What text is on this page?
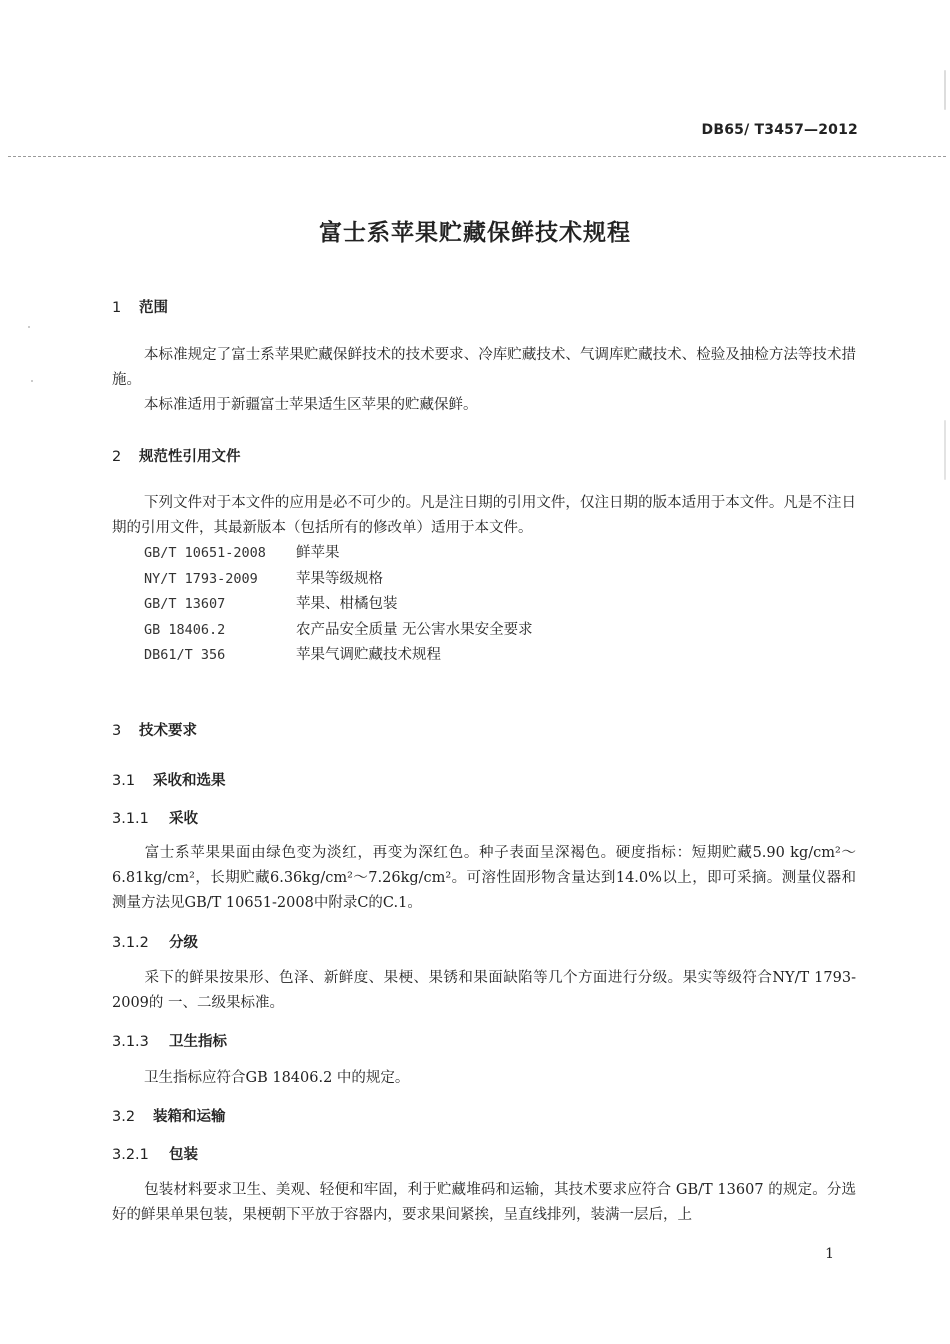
DB65/ T3457—2012
富士系苹果贮藏保鲜技术规程
1 范围
本标准规定了富士系苹果贮藏保鲜技术的技术要求、冷库贮藏技术、气调库贮藏技术、检验及抽检方法等技术措施。
本标准适用于新疆富士苹果适生区苹果的贮藏保鲜。
2 规范性引用文件
下列文件对于本文件的应用是必不可少的。凡是注日期的引用文件，仅注日期的版本适用于本文件。凡是不注日期的引用文件，其最新版本（包括所有的修改单）适用于本文件。
GB/T 10651-2008 鲜苹果
NY/T 1793-2009	苹果等级规格
GB/T 13607	苹果、柑橘包装
GB 18406.2	农产品安全质量 无公害水果安全要求
DB61/T 356	苹果气调贮藏技术规程
3 技术要求
3.1 采收和选果
3.1.1 采收
富士系苹果果面由绿色变为淡红，再变为深红色。种子表面呈深褐色。硬度指标：短期贮藏5.90 kg/cm²～6.81kg/cm²，长期贮藏6.36kg/cm²～7.26kg/cm²。可溶性固形物含量达到14.0%以上，即可采摘。测量仪器和测量方法见GB/T 10651-2008中附录C的C.1。
3.1.2 分级
采下的鲜果按果形、色泽、新鲜度、果梗、果锈和果面缺陷等几个方面进行分级。果实等级符合NY/T 1793-2009的 一、二级果标准。
3.1.3 卫生指标
卫生指标应符合GB 18406.2 中的规定。
3.2 装箱和运输
3.2.1 包装
包装材料要求卫生、美观、轻便和牢固，利于贮藏堆码和运输，其技术要求应符合 GB/T 13607 的规定。分选好的鲜果单果包装，果梗朝下平放于容器内，要求果间紧挨，呈直线排列，装满一层后，上
1
